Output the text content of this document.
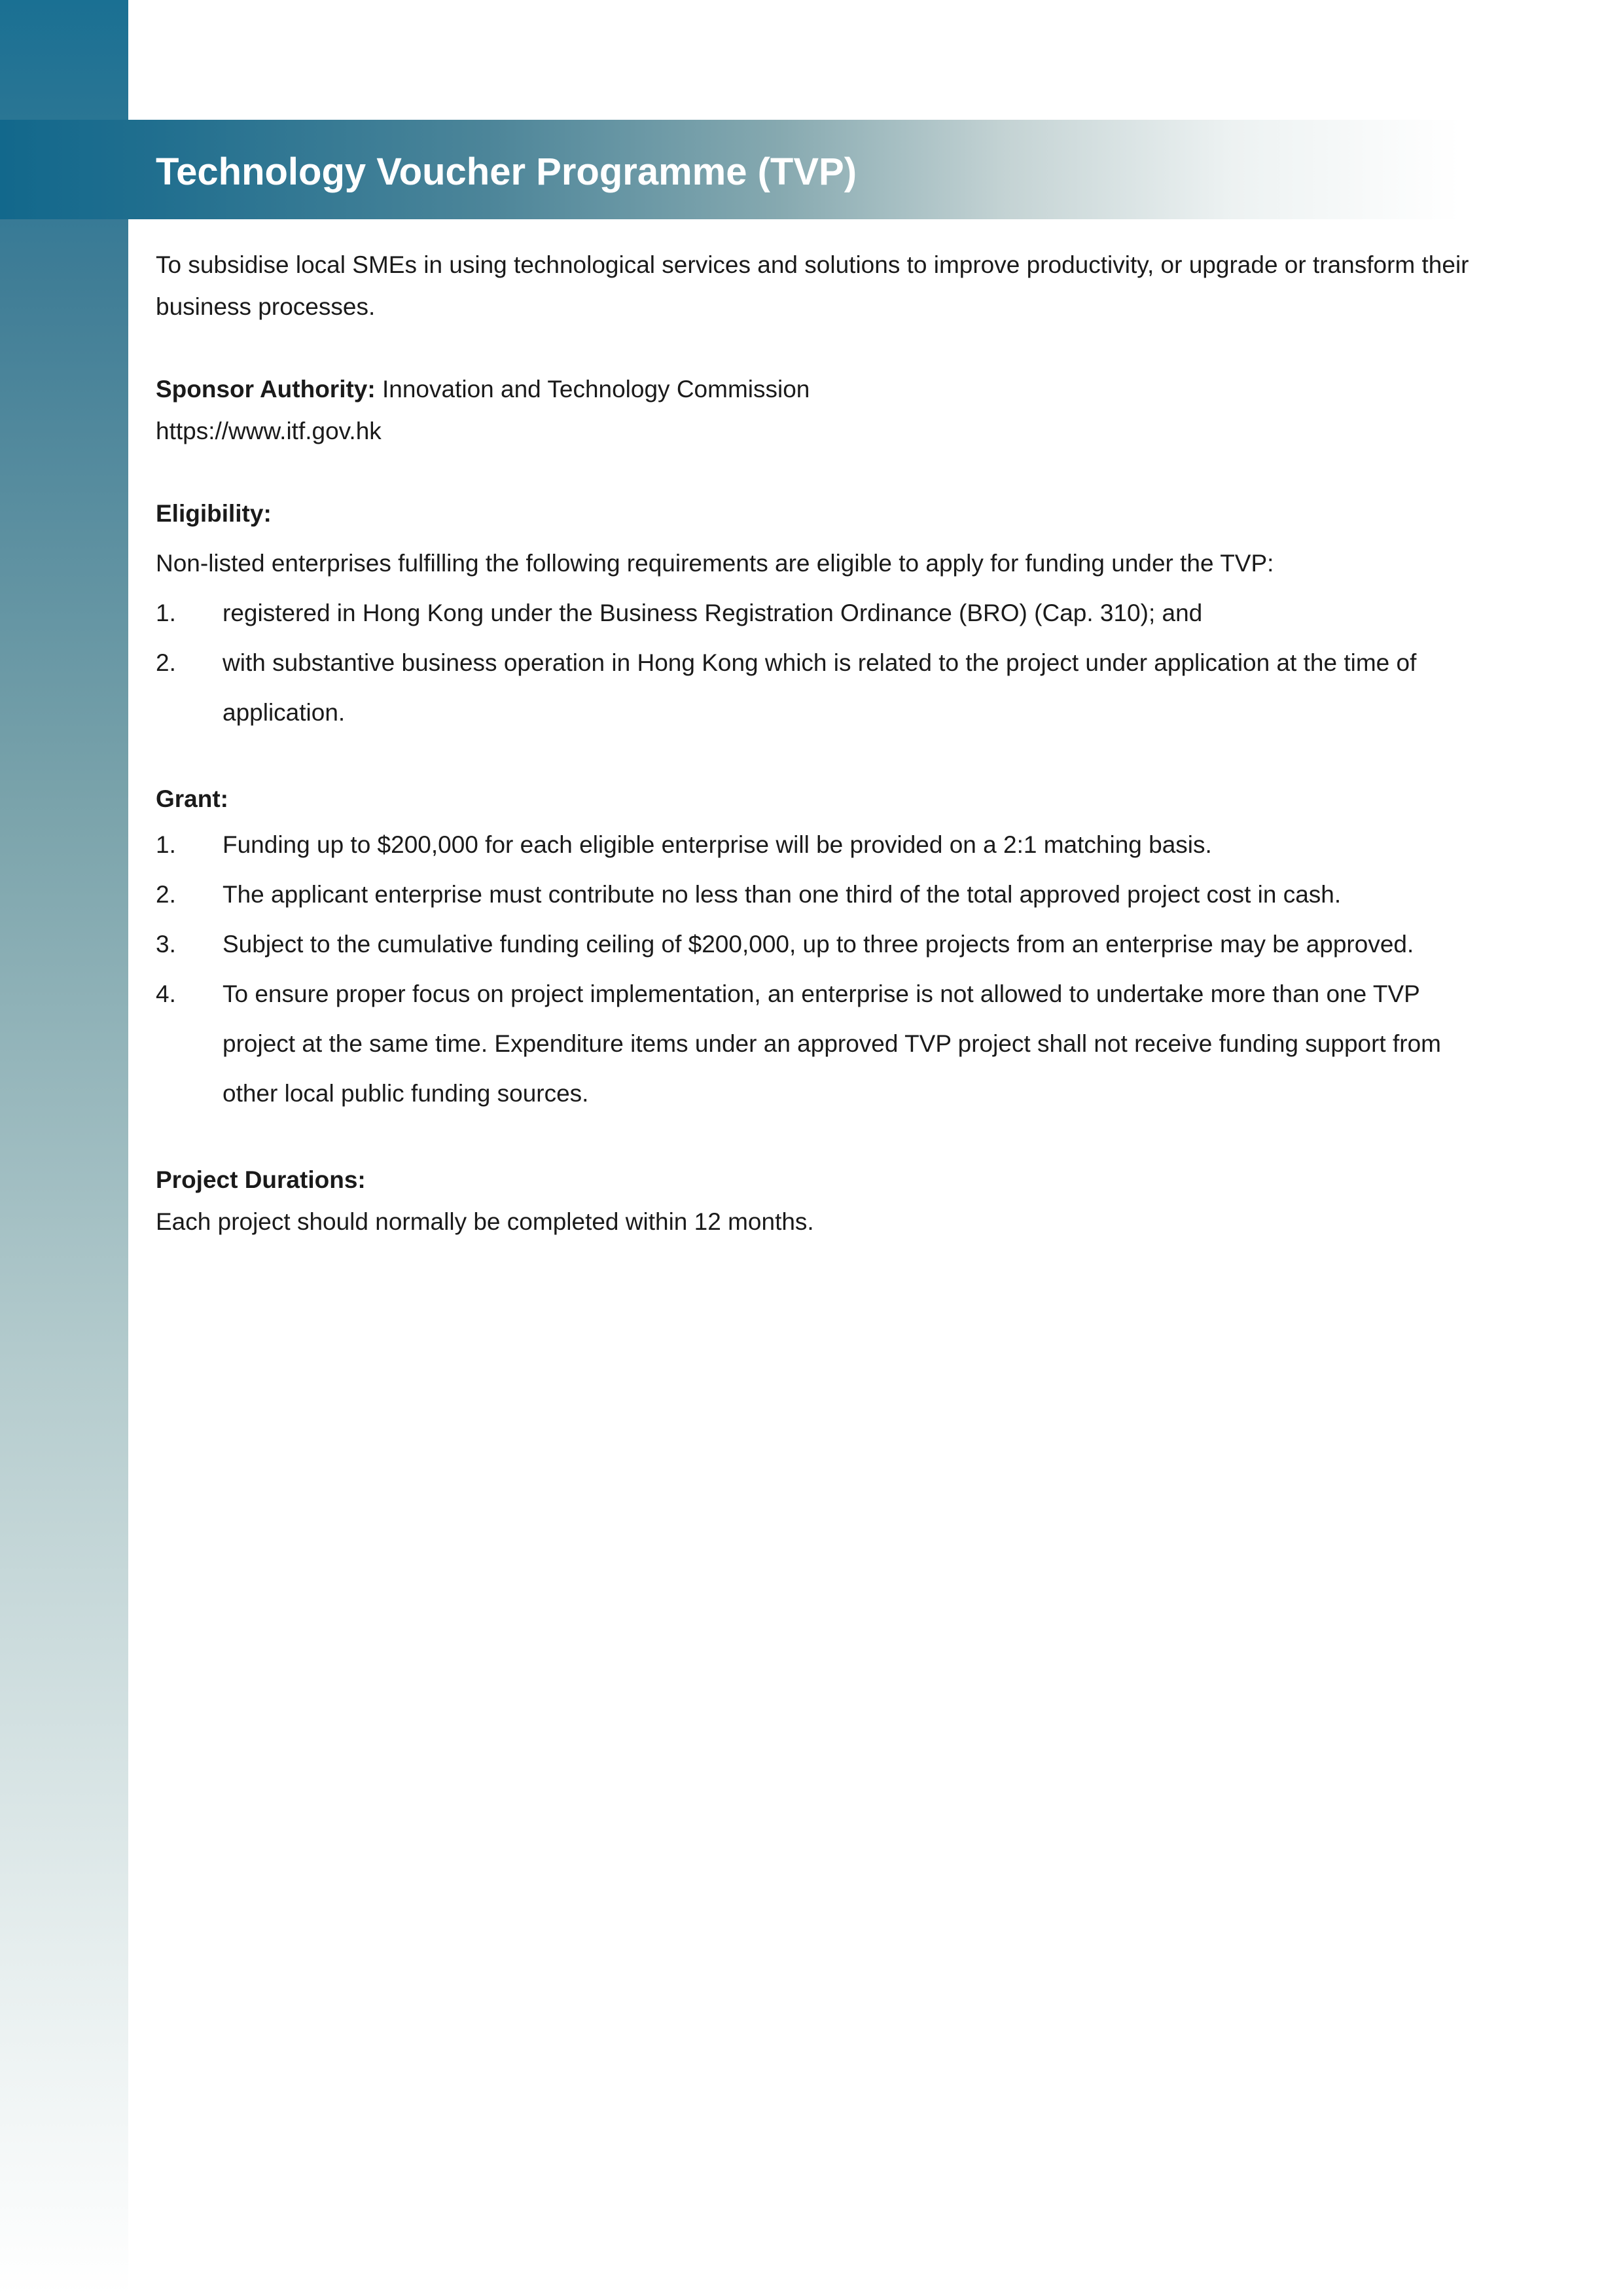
Technology Voucher Programme (TVP)

To subsidise local SMEs in using technological services and solutions to improve productivity, or upgrade or transform their business processes.

Sponsor Authority: Innovation and Technology Commission

https://www.itf.gov.hk

Eligibility:

Non-listed enterprises fulfilling the following requirements are eligible to apply for funding under the TVP:

1. registered in Hong Kong under the Business Registration Ordinance (BRO) (Cap. 310); and
2. with substantive business operation in Hong Kong which is related to the project under application at the time of application.

Grant:

1. Funding up to $200,000 for each eligible enterprise will be provided on a 2:1 matching basis.
2. The applicant enterprise must contribute no less than one third of the total approved project cost in cash.
3. Subject to the cumulative funding ceiling of $200,000, up to three projects from an enterprise may be approved.
4. To ensure proper focus on project implementation, an enterprise is not allowed to undertake more than one TVP project at the same time. Expenditure items under an approved TVP project shall not receive funding support from other local public funding sources.

Project Durations:

Each project should normally be completed within 12 months.
